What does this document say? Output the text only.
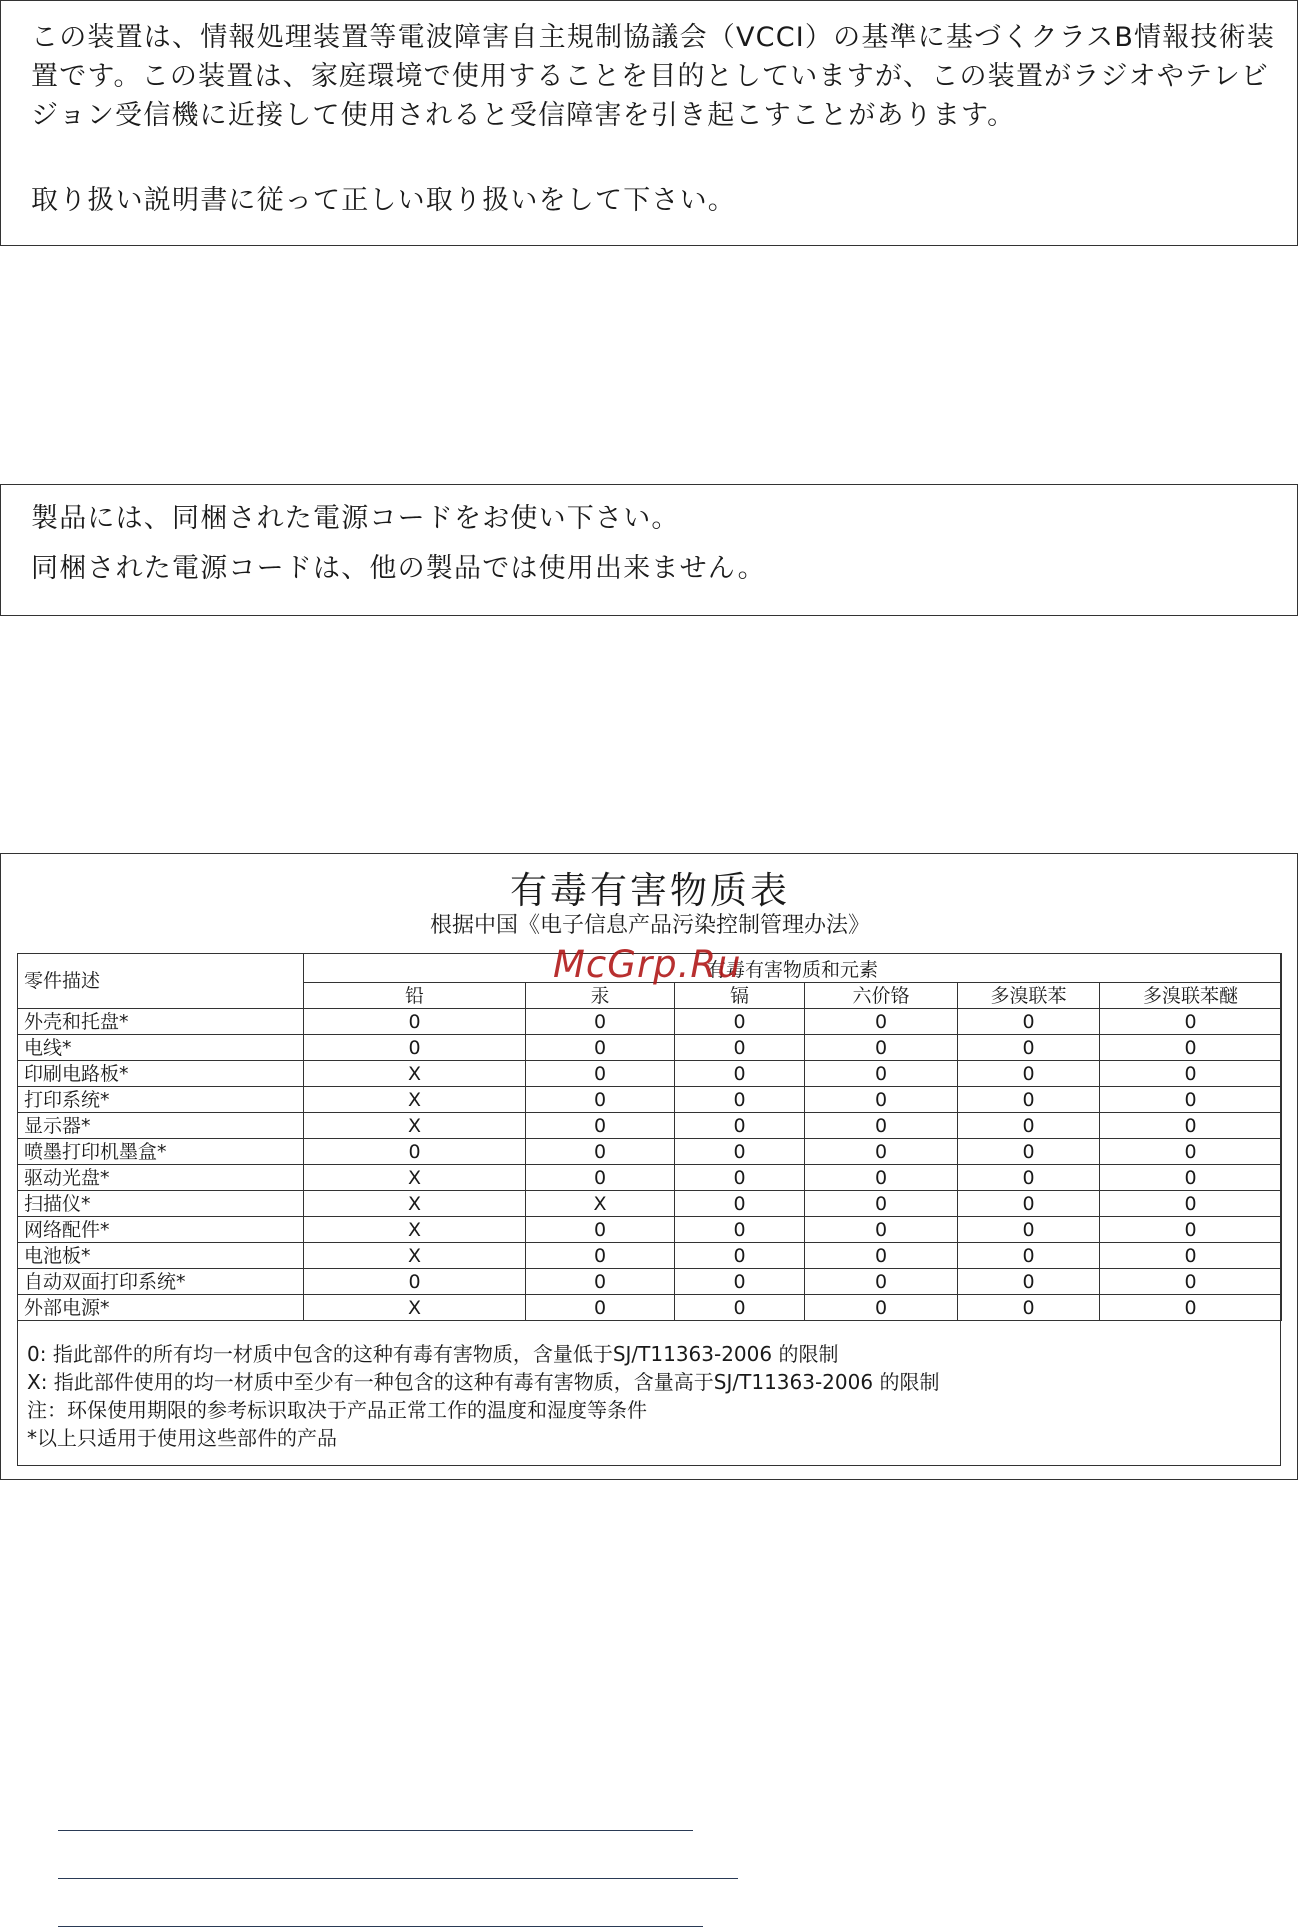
この装置は、情報処理装置等電波障害自主規制協議会（VCCI）の基準に基づくクラスB情報技術装置です。この装置は、家庭環境で使用することを目的としていますが、この装置がラジオやテレビジョン受信機に近接して使用されると受信障害を引き起こすことがあります。
取り扱い説明書に従って正しい取り扱いをして下さい。
製品には、同梱された電源コードをお使い下さい。
同梱された電源コードは、他の製品では使用出来ません。
有毒有害物质表
根据中国《电子信息产品污染控制管理办法》
零件描述	有毒有害物质和元素					
	铅	汞	镉	六价铬	多溴联苯	多溴联苯醚
外壳和托盘*	0	0	0	0	0	0
电线*	0	0	0	0	0	0
印刷电路板*	X	0	0	0	0	0
打印系统*	X	0	0	0	0	0
显示器*	X	0	0	0	0	0
喷墨打印机墨盒*	0	0	0	0	0	0
驱动光盘*	X	0	0	0	0	0
扫描仪*	X	X	0	0	0	0
网络配件*	X	0	0	0	0	0
电池板*	X	0	0	0	0	0
自动双面打印系统*	0	0	0	0	0	0
外部电源*	X	0	0	0	0	0
0: 指此部件的所有均一材质中包含的这种有毒有害物质，含量低于SJ/T11363-2006 的限制
X: 指此部件使用的均一材质中至少有一种包含的这种有毒有害物质，含量高于SJ/T11363-2006 的限制
注：环保使用期限的参考标识取决于产品正常工作的温度和湿度等条件
*以上只适用于使用这些部件的产品
McGrp.Ru
